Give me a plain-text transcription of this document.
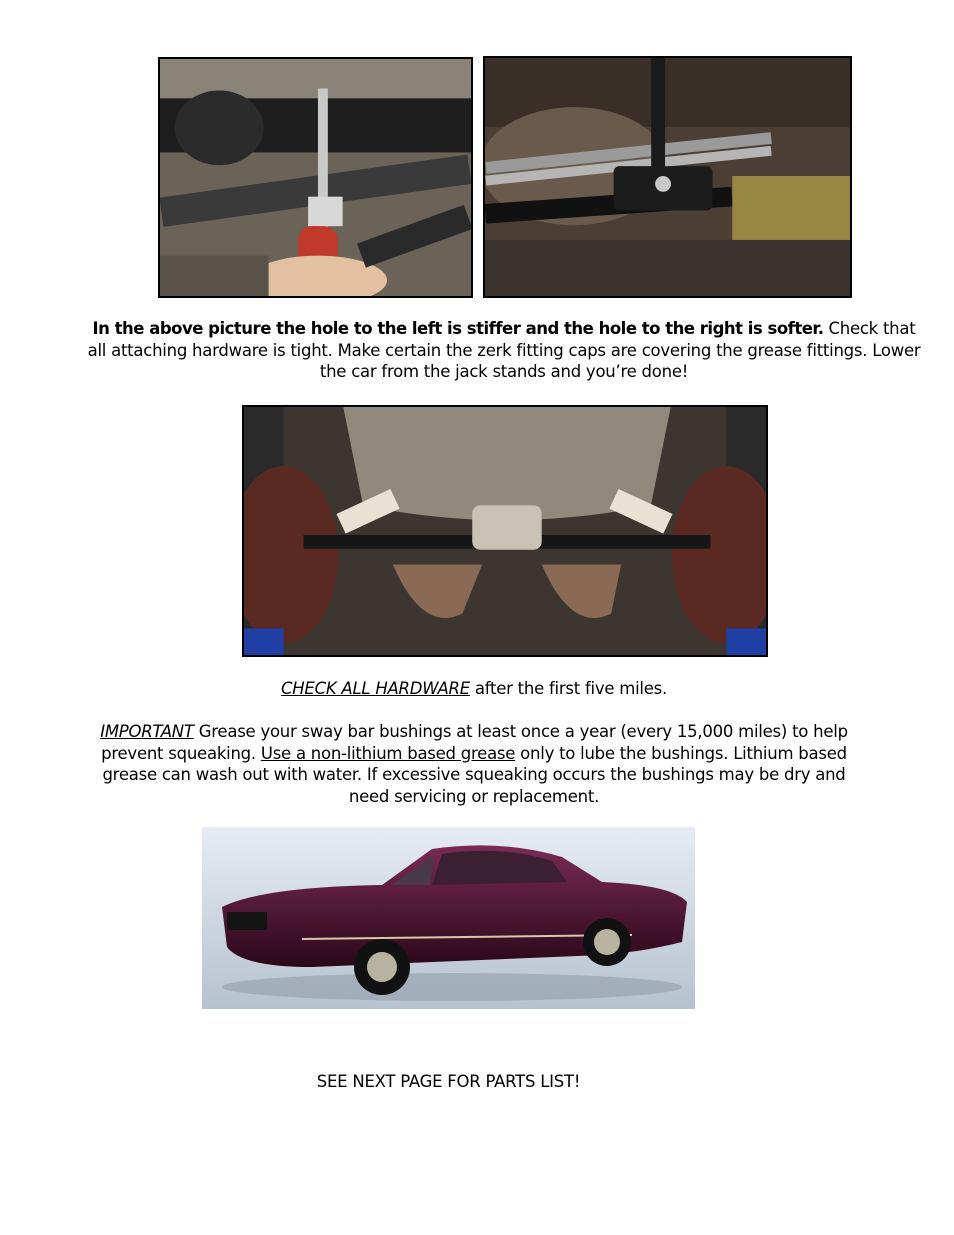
In the above picture the hole to the left is stiffer and the hole to the right is softer. Check that all attaching hardware is tight. Make certain the zerk fitting caps are covering the grease fittings. Lower the car from the jack stands and you’re done!
CHECK ALL HARDWARE after the first five miles.
IMPORTANT Grease your sway bar bushings at least once a year (every 15,000 miles) to help prevent squeaking. Use a non-lithium based grease only to lube the bushings. Lithium based grease can wash out with water. If excessive squeaking occurs the bushings may be dry and need servicing or replacement.
SEE NEXT PAGE FOR PARTS LIST!
